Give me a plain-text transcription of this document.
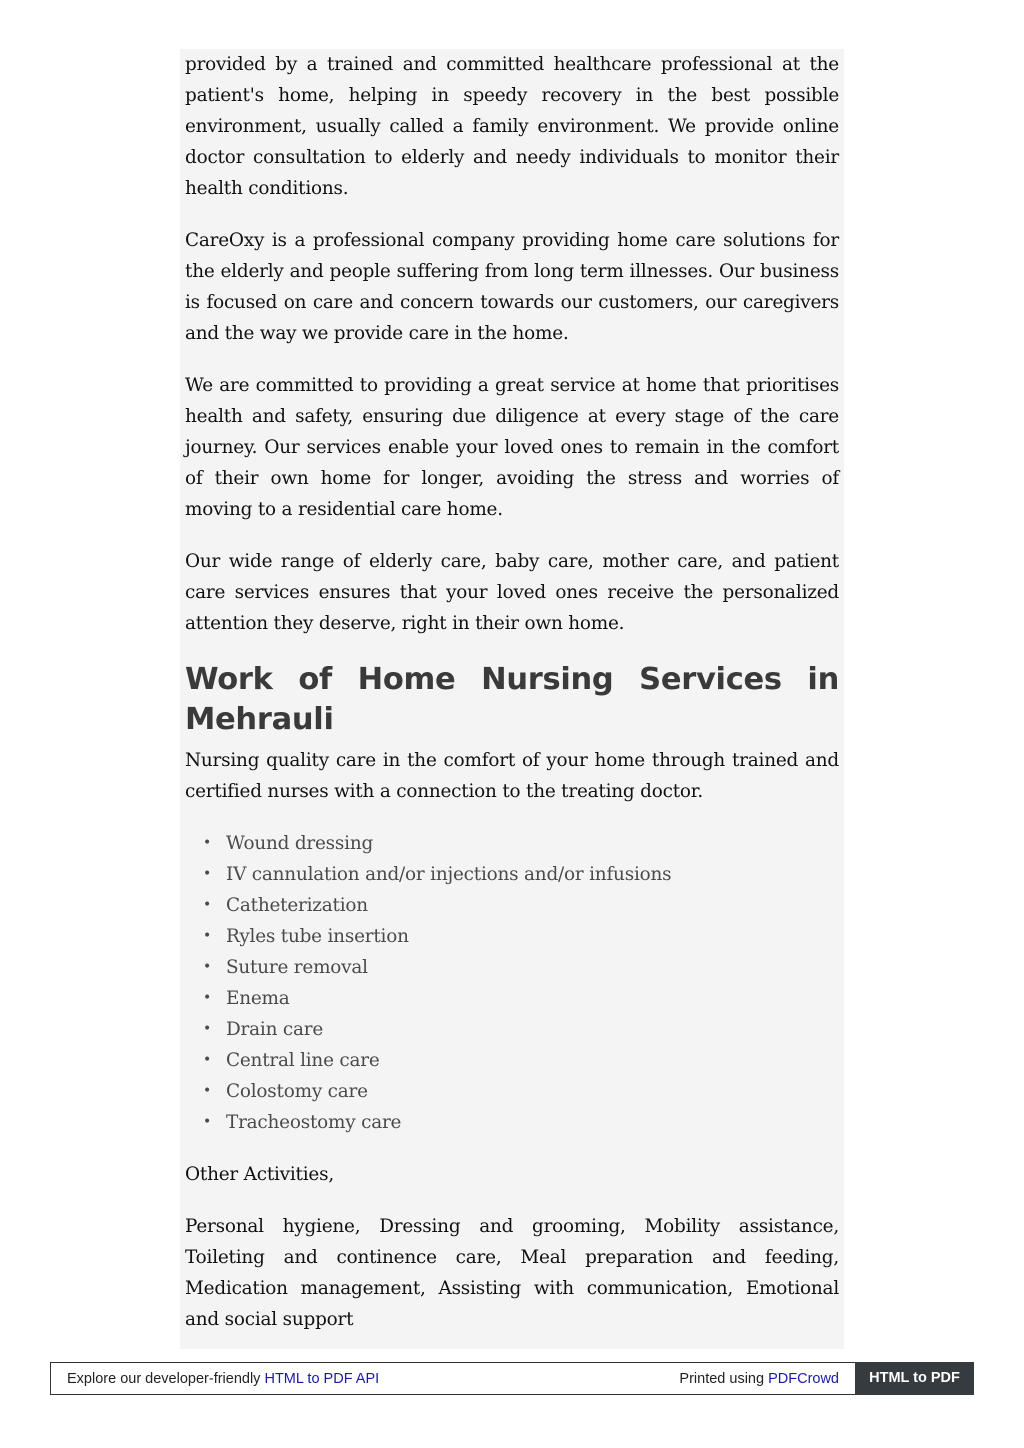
provided by a trained and committed healthcare professional at the patient's home, helping in speedy recovery in the best possible environment, usually called a family environment. We provide online doctor consultation to elderly and needy individuals to monitor their health conditions.

CareOxy is a professional company providing home care solutions for the elderly and people suffering from long term illnesses. Our business is focused on care and concern towards our customers, our caregivers and the way we provide care in the home.

We are committed to providing a great service at home that prioritises health and safety, ensuring due diligence at every stage of the care journey. Our services enable your loved ones to remain in the comfort of their own home for longer, avoiding the stress and worries of moving to a residential care home.

Our wide range of elderly care, baby care, mother care, and patient care services ensures that your loved ones receive the personalized attention they deserve, right in their own home.

Work of Home Nursing Services in
Mehrauli

Nursing quality care in the comfort of your home through trained and certified nurses with a connection to the treating doctor.

• Wound dressing
• IV cannulation and/or injections and/or infusions
• Catheterization
• Ryles tube insertion
• Suture removal
• Enema
• Drain care
• Central line care
• Colostomy care
• Tracheostomy care

Other Activities,

Personal hygiene, Dressing and grooming, Mobility assistance, Toileting and continence care, Meal preparation and feeding, Medication management, Assisting with communication, Emotional and social support

Explore our developer-friendly HTML to PDF API	Printed using PDFCrowd	HTML to PDF
